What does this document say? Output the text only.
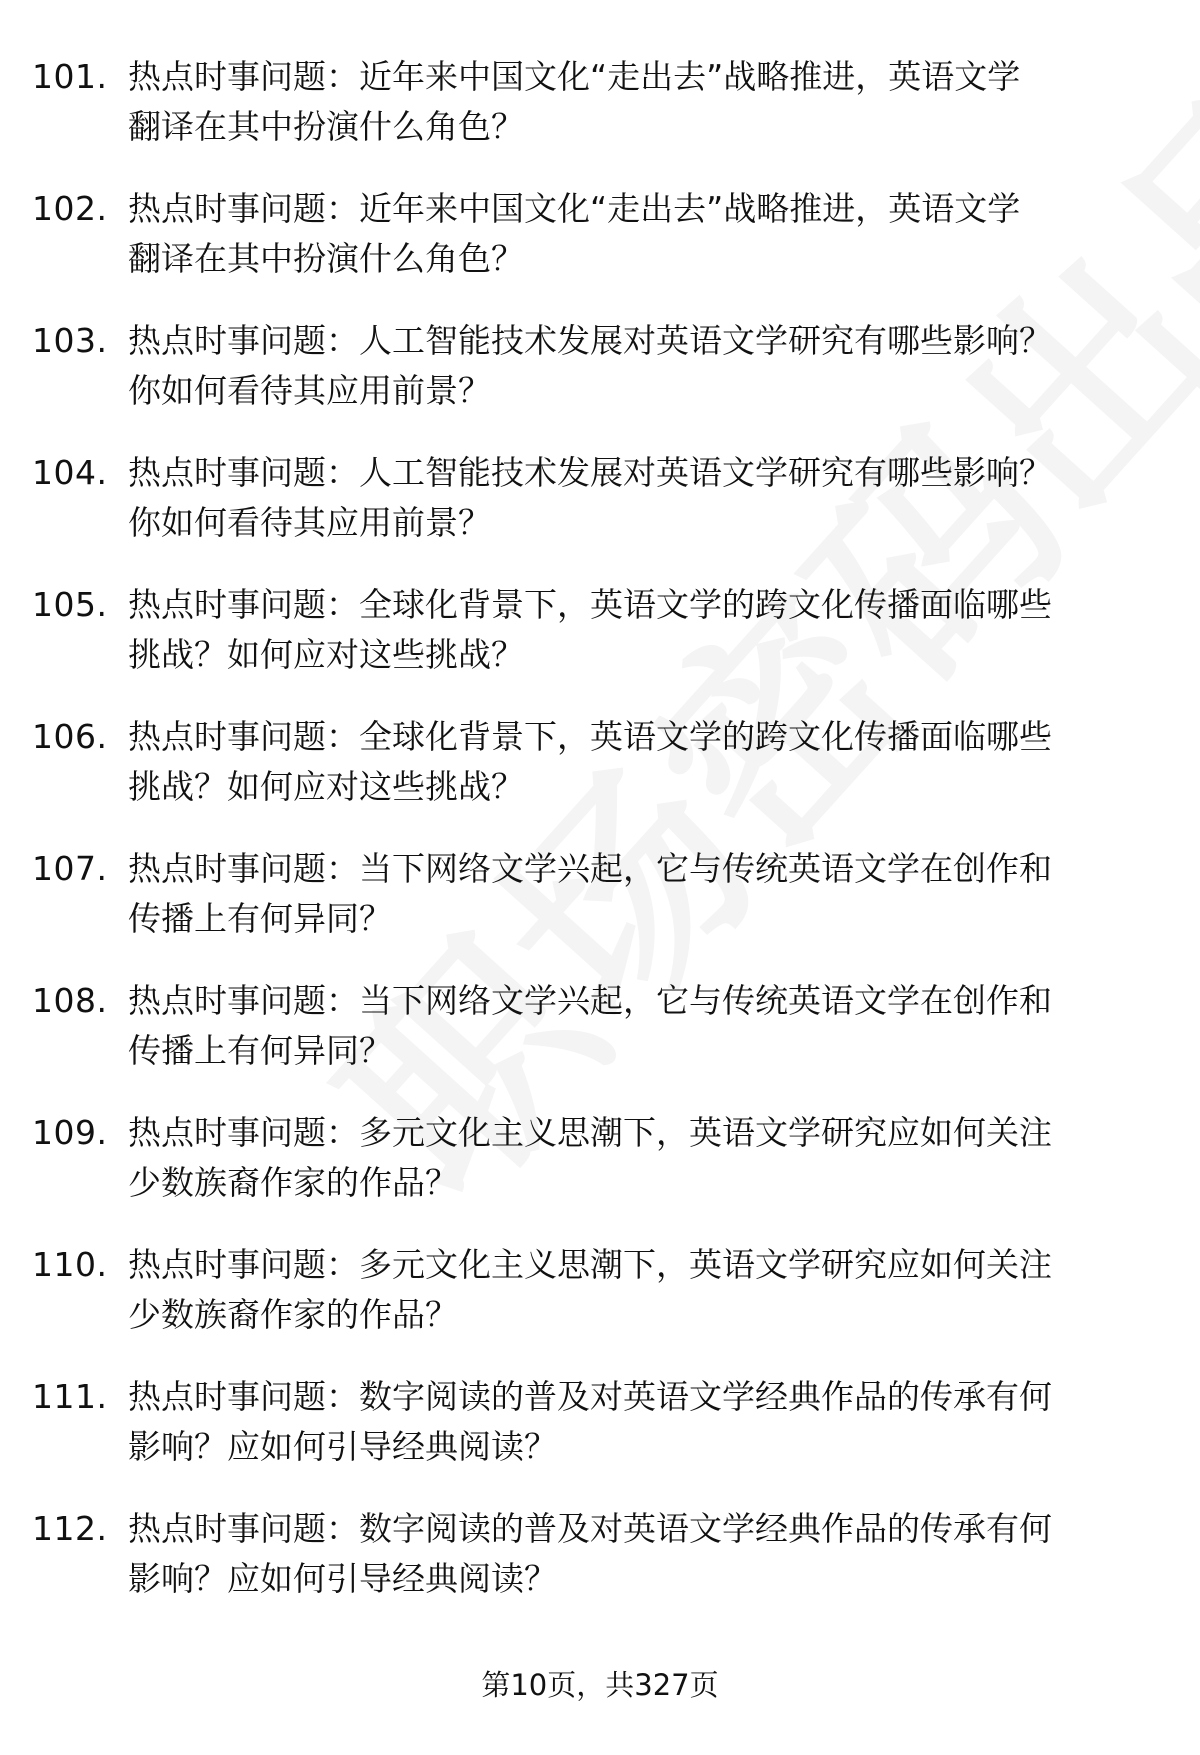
101. 热点时事问题：近年来中国文化“走出去”战略推进，英语文学
翻译在其中扮演什么角色？
102. 热点时事问题：近年来中国文化“走出去”战略推进，英语文学
翻译在其中扮演什么角色？
103. 热点时事问题：人工智能技术发展对英语文学研究有哪些影响？
你如何看待其应用前景？
104. 热点时事问题：人工智能技术发展对英语文学研究有哪些影响？
你如何看待其应用前景？
105. 热点时事问题：全球化背景下，英语文学的跨文化传播面临哪些
挑战？如何应对这些挑战？
106. 热点时事问题：全球化背景下，英语文学的跨文化传播面临哪些
挑战？如何应对这些挑战？
107. 热点时事问题：当下网络文学兴起，它与传统英语文学在创作和
传播上有何异同？
108. 热点时事问题：当下网络文学兴起，它与传统英语文学在创作和
传播上有何异同？
109. 热点时事问题：多元文化主义思潮下，英语文学研究应如何关注
少数族裔作家的作品？
110. 热点时事问题：多元文化主义思潮下，英语文学研究应如何关注
少数族裔作家的作品？
111. 热点时事问题：数字阅读的普及对英语文学经典作品的传承有何
影响？应如何引导经典阅读？
112. 热点时事问题：数字阅读的普及对英语文学经典作品的传承有何
影响？应如何引导经典阅读？
第10页，共327页
